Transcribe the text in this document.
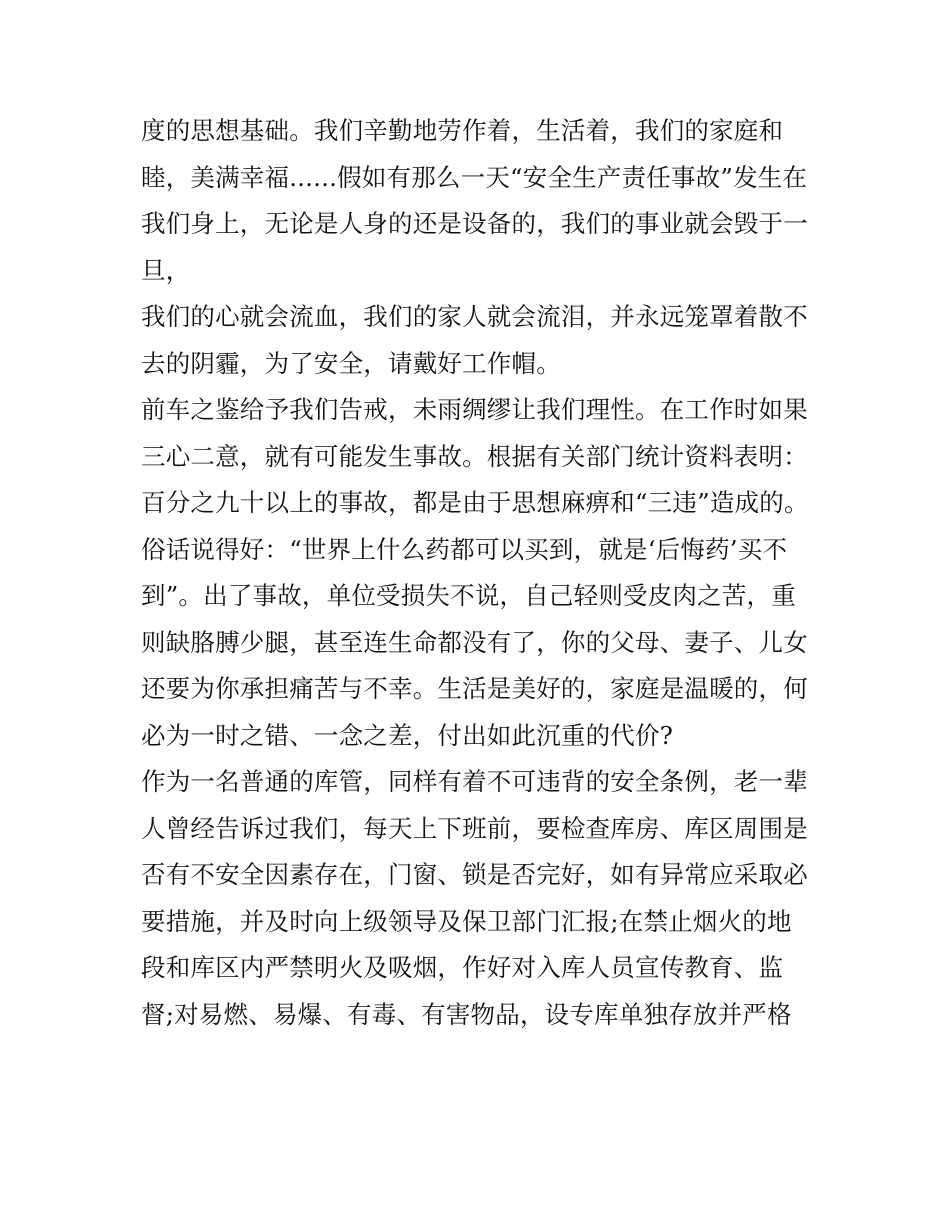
度的思想基础。我们辛勤地劳作着，生活着，我们的家庭和
睦，美满幸福......假如有那么一天“安全生产责任事故”发生在
我们身上，无论是人身的还是设备的，我们的事业就会毁于一
旦，
我们的心就会流血，我们的家人就会流泪，并永远笼罩着散不
去的阴霾，为了安全，请戴好工作帽。
前车之鉴给予我们告戒，未雨绸缪让我们理性。在工作时如果
三心二意，就有可能发生事故。根据有关部门统计资料表明：
百分之九十以上的事故，都是由于思想麻痹和“三违”造成的。
俗话说得好：“世界上什么药都可以买到，就是‘后悔药’买不
到”。出了事故，单位受损失不说，自己轻则受皮肉之苦，重
则缺胳膊少腿，甚至连生命都没有了，你的父母、妻子、儿女
还要为你承担痛苦与不幸。生活是美好的，家庭是温暖的，何
必为一时之错、一念之差，付出如此沉重的代价?
作为一名普通的库管，同样有着不可违背的安全条例，老一辈
人曾经告诉过我们，每天上下班前，要检查库房、库区周围是
否有不安全因素存在，门窗、锁是否完好，如有异常应采取必
要措施，并及时向上级领导及保卫部门汇报;在禁止烟火的地
段和库区内严禁明火及吸烟，作好对入库人员宣传教育、监
督;对易燃、易爆、有毒、有害物品，设专库单独存放并严格
